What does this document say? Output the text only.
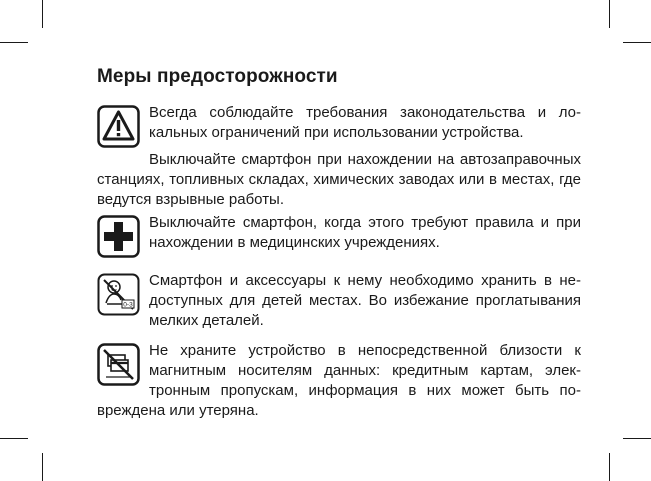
Меры предосторожности

Всегда соблюдайте требования законодательства и локальных ограничений при использовании устройства.

Выключайте смартфон при нахождении на автозаправочных станциях, топливных складах, химических заводах или в местах, где ведутся взрывные работы.

Выключайте смартфон, когда этого требуют правила и при нахождении в медицинских учреждениях.

0-3

Смартфон и аксессуары к нему необходимо хранить в недоступных для детей местах. Во избежание проглатывания мелких деталей.

Не храните устройство в непосредственной близости к магнитным носителям данных: кредитным картам, электронным пропускам, информация в них может быть повреждена или утеряна.
